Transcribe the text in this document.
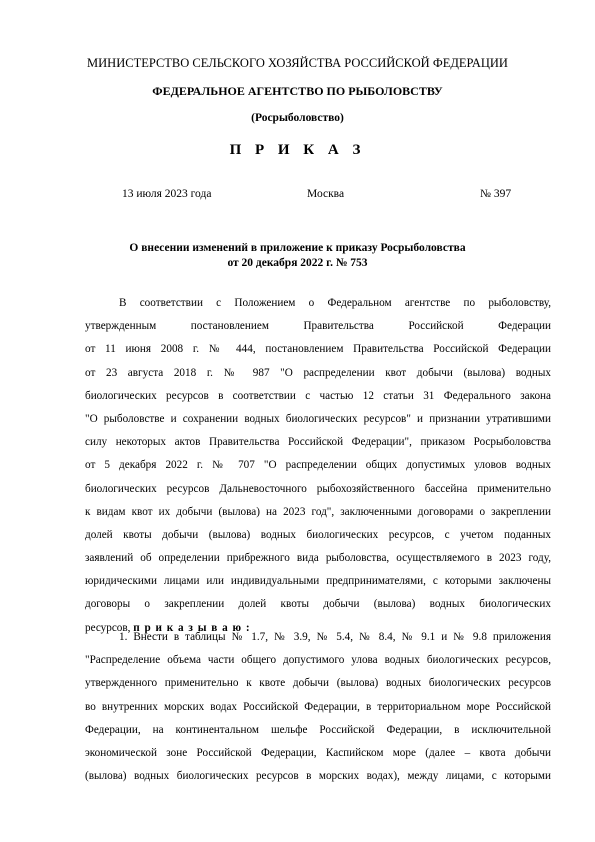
МИНИСТЕРСТВО СЕЛЬСКОГО ХОЗЯЙСТВА РОССИЙСКОЙ ФЕДЕРАЦИИ
ФЕДЕРАЛЬНОЕ АГЕНТСТВО ПО РЫБОЛОВСТВУ
(Росрыболовство)
П Р И К А З
13 июля 2023 года	Москва	№ 397
О внесении изменений в приложение к приказу Росрыболовства
от 20 декабря 2022 г. № 753
В соответствии с Положением о Федеральном агентстве по рыболовству,
утвержденным постановлением Правительства Российской Федерации
от 11 июня 2008 г. № 444, постановлением Правительства Российской Федерации
от 23 августа 2018 г. № 987 "О распределении квот добычи (вылова) водных
биологических ресурсов в соответствии с частью 12 статьи 31 Федерального закона
"О рыболовстве и сохранении водных биологических ресурсов" и признании утратившими
силу некоторых актов Правительства Российской Федерации", приказом Росрыболовства
от 5 декабря 2022 г. № 707 "О распределении общих допустимых уловов водных
биологических ресурсов Дальневосточного рыбохозяйственного бассейна применительно
к видам квот их добычи (вылова) на 2023 год", заключенными договорами о закреплении
долей квоты добычи (вылова) водных биологических ресурсов, с учетом поданных
заявлений об определении прибрежного вида рыболовства, осуществляемого в 2023 году,
юридическими лицами или индивидуальными предпринимателями, с которыми заключены
договоры о закреплении долей квоты добычи (вылова) водных биологических
ресурсов, п р и к а з ы в а ю :
1. Внести в таблицы № 1.7, № 3.9, № 5.4, № 8.4, № 9.1 и № 9.8 приложения
"Распределение объема части общего допустимого улова водных биологических ресурсов,
утвержденного применительно к квоте добычи (вылова) водных биологических ресурсов
во внутренних морских водах Российской Федерации, в территориальном море Российской
Федерации, на континентальном шельфе Российской Федерации, в исключительной
экономической зоне Российской Федерации, Каспийском море (далее – квота добычи
(вылова) водных биологических ресурсов в морских водах), между лицами, с которыми
